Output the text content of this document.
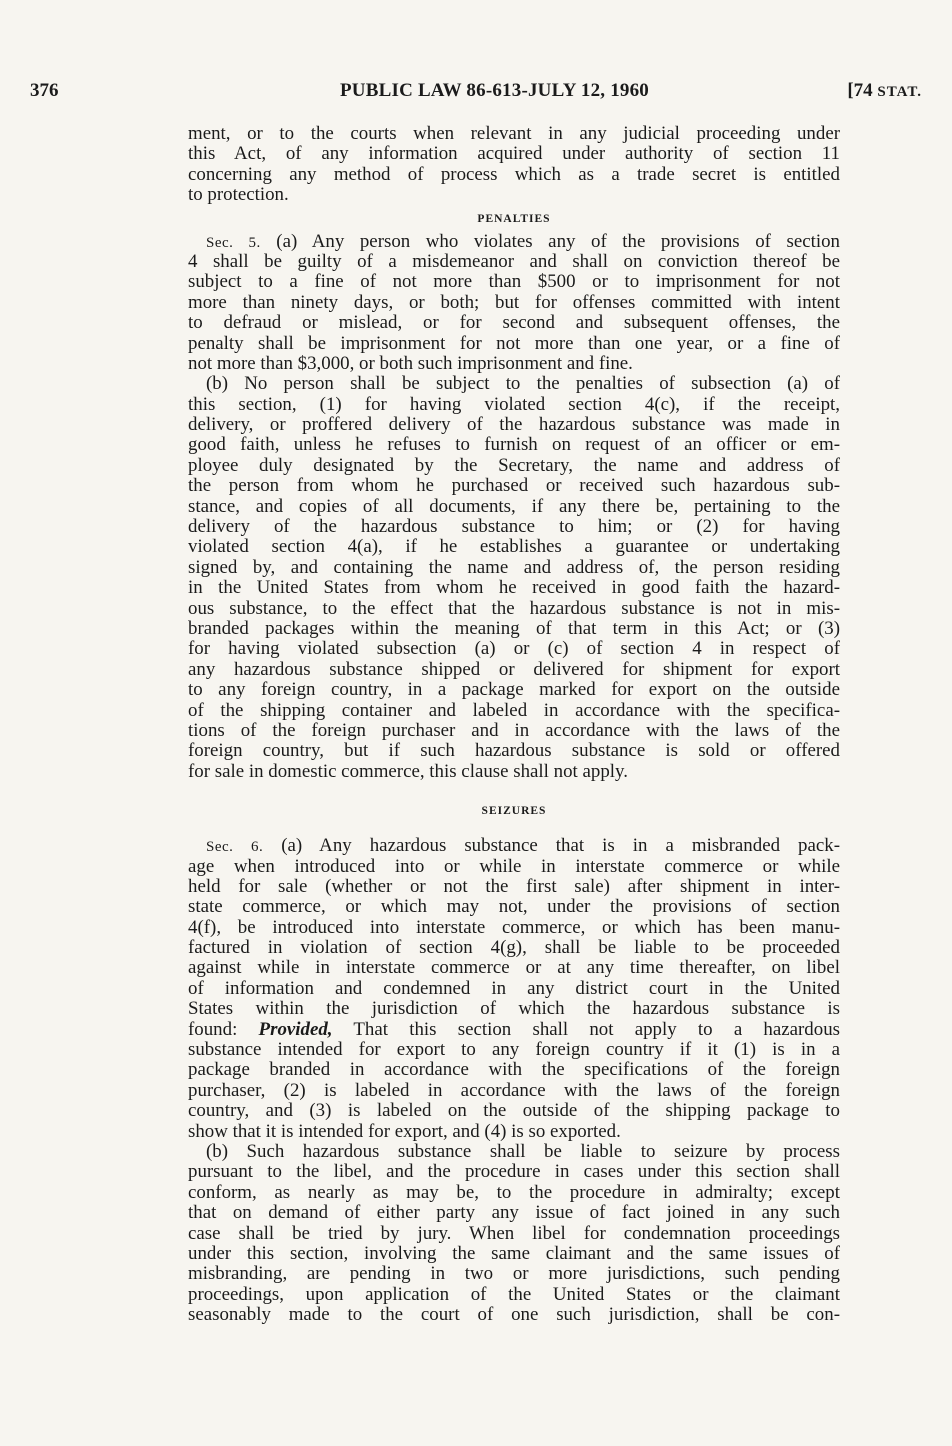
376	PUBLIC LAW 86-613-JULY 12, 1960	[74 STAT.
ment, or to the courts when relevant in any judicial proceeding under
this Act, of any information acquired under authority of section 11
concerning any method of process which as a trade secret is entitled
to protection.
PENALTIES
Sec. 5. (a) Any person who violates any of the provisions of section
4 shall be guilty of a misdemeanor and shall on conviction thereof be
subject to a fine of not more than $500 or to imprisonment for not
more than ninety days, or both; but for offenses committed with intent
to defraud or mislead, or for second and subsequent offenses, the
penalty shall be imprisonment for not more than one year, or a fine of
not more than $3,000, or both such imprisonment and fine.
(b) No person shall be subject to the penalties of subsection (a) of
this section, (1) for having violated section 4(c), if the receipt,
delivery, or proffered delivery of the hazardous substance was made in
good faith, unless he refuses to furnish on request of an officer or em-
ployee duly designated by the Secretary, the name and address of
the person from whom he purchased or received such hazardous sub-
stance, and copies of all documents, if any there be, pertaining to the
delivery of the hazardous substance to him; or (2) for having
violated section 4(a), if he establishes a guarantee or undertaking
signed by, and containing the name and address of, the person residing
in the United States from whom he received in good faith the hazard-
ous substance, to the effect that the hazardous substance is not in mis-
branded packages within the meaning of that term in this Act; or (3)
for having violated subsection (a) or (c) of section 4 in respect of
any hazardous substance shipped or delivered for shipment for export
to any foreign country, in a package marked for export on the outside
of the shipping container and labeled in accordance with the specifica-
tions of the foreign purchaser and in accordance with the laws of the
foreign country, but if such hazardous substance is sold or offered
for sale in domestic commerce, this clause shall not apply.
SEIZURES
Sec. 6. (a) Any hazardous substance that is in a misbranded pack-
age when introduced into or while in interstate commerce or while
held for sale (whether or not the first sale) after shipment in inter-
state commerce, or which may not, under the provisions of section
4(f), be introduced into interstate commerce, or which has been manu-
factured in violation of section 4(g), shall be liable to be proceeded
against while in interstate commerce or at any time thereafter, on libel
of information and condemned in any district court in the United
States within the jurisdiction of which the hazardous substance is
found: Provided, That this section shall not apply to a hazardous
substance intended for export to any foreign country if it (1) is in a
package branded in accordance with the specifications of the foreign
purchaser, (2) is labeled in accordance with the laws of the foreign
country, and (3) is labeled on the outside of the shipping package to
show that it is intended for export, and (4) is so exported.
(b) Such hazardous substance shall be liable to seizure by process
pursuant to the libel, and the procedure in cases under this section shall
conform, as nearly as may be, to the procedure in admiralty; except
that on demand of either party any issue of fact joined in any such
case shall be tried by jury. When libel for condemnation proceedings
under this section, involving the same claimant and the same issues of
misbranding, are pending in two or more jurisdictions, such pending
proceedings, upon application of the United States or the claimant
seasonably made to the court of one such jurisdiction, shall be con-
